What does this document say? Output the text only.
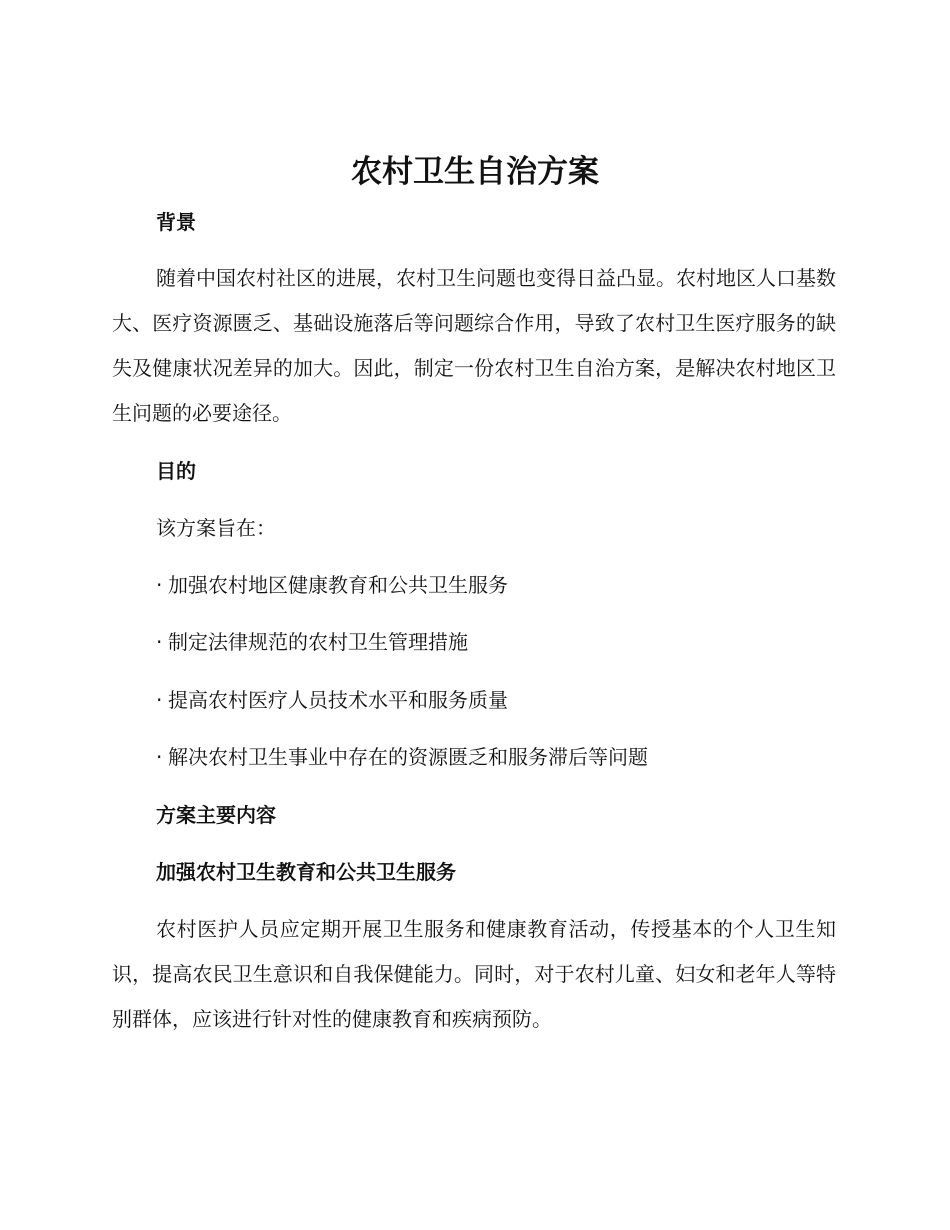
农村卫生自治方案
背景

随着中国农村社区的进展，农村卫生问题也变得日益凸显。农村地区人口基数大、医疗资源匮乏、基础设施落后等问题综合作用，导致了农村卫生医疗服务的缺失及健康状况差异的加大。因此，制定一份农村卫生自治方案，是解决农村地区卫生问题的必要途径。

目的

该方案旨在：

· 加强农村地区健康教育和公共卫生服务

· 制定法律规范的农村卫生管理措施

· 提高农村医疗人员技术水平和服务质量

· 解决农村卫生事业中存在的资源匮乏和服务滞后等问题

方案主要内容
加强农村卫生教育和公共卫生服务

农村医护人员应定期开展卫生服务和健康教育活动，传授基本的个人卫生知识，提高农民卫生意识和自我保健能力。同时，对于农村儿童、妇女和老年人等特别群体，应该进行针对性的健康教育和疾病预防。
